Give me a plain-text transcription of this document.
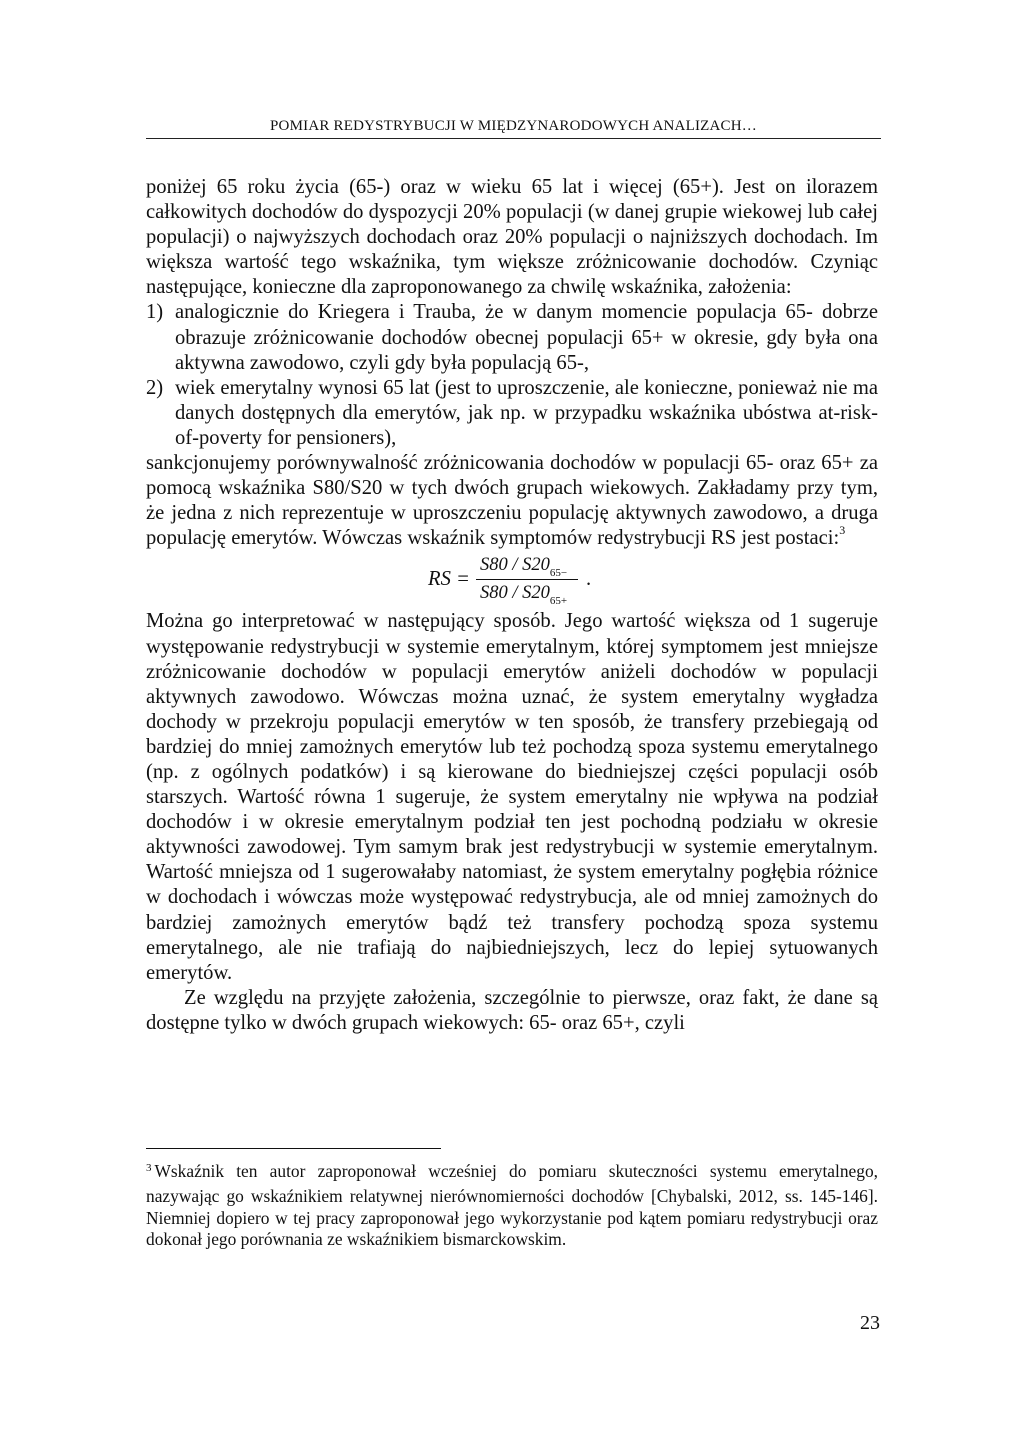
POMIAR REDYSTRYBUCJI W MIĘDZYNARODOWYCH ANALIZACH…

poniżej 65 roku życia (65-) oraz w wieku 65 lat i więcej (65+). Jest on ilorazem całkowitych dochodów do dyspozycji 20% populacji (w danej grupie wiekowej lub całej populacji) o najwyższych dochodach oraz 20% populacji o najniższych dochodach. Im większa wartość tego wskaźnika, tym większe zróżnicowanie dochodów. Czyniąc następujące, konieczne dla zaproponowanego za chwilę wskaźnika, założenia:

1) analogicznie do Kriegera i Trauba, że w danym momencie populacja 65- dobrze obrazuje zróżnicowanie dochodów obecnej populacji 65+ w okresie, gdy była ona aktywna zawodowo, czyli gdy była populacją 65-,
2) wiek emerytalny wynosi 65 lat (jest to uproszczenie, ale konieczne, ponieważ nie ma danych dostępnych dla emerytów, jak np. w przypadku wskaźnika ubóstwa at-risk-of-poverty for pensioners),

sankcjonujemy porównywalność zróżnicowania dochodów w populacji 65- oraz 65+ za pomocą wskaźnika S80/S20 w tych dwóch grupach wiekowych. Zakładamy przy tym, że jedna z nich reprezentuje w uproszczeniu populację aktywnych zawodowo, a druga populację emerytów. Wówczas wskaźnik symptomów redystrybucji RS jest postaci:$^3$

RS =
$S80 / S20_{65-}$
$S80 / S20_{65+}$
.

Można go interpretować w następujący sposób. Jego wartość większa od 1 sugeruje występowanie redystrybucji w systemie emerytalnym, której symptomem jest mniejsze zróżnicowanie dochodów w populacji emerytów aniżeli dochodów w populacji aktywnych zawodowo. Wówczas można uznać, że system emerytalny wygładza dochody w przekroju populacji emerytów w ten sposób, że transfery przebiegają od bardziej do mniej zamożnych emerytów lub też pochodzą spoza systemu emerytalnego (np. z ogólnych podatków) i są kierowane do biedniejszej części populacji osób starszych. Wartość równa 1 sugeruje, że system emerytalny nie wpływa na podział dochodów i w okresie emerytalnym podział ten jest pochodną podziału w okresie aktywności zawodowej. Tym samym brak jest redystrybucji w systemie emerytalnym. Wartość mniejsza od 1 sugerowałaby natomiast, że system emerytalny pogłębia różnice w dochodach i wówczas może występować redystrybucja, ale od mniej zamożnych do bardziej zamożnych emerytów bądź też transfery pochodzą spoza systemu emerytalnego, ale nie trafiają do najbiedniejszych, lecz do lepiej sytuowanych emerytów.

Ze względu na przyjęte założenia, szczególnie to pierwsze, oraz fakt, że dane są dostępne tylko w dwóch grupach wiekowych: 65- oraz 65+, czyli

$^3$ Wskaźnik ten autor zaproponował wcześniej do pomiaru skuteczności systemu emerytalnego, nazywając go wskaźnikiem relatywnej nierównomierności dochodów [Chybalski, 2012, ss. 145-146]. Niemniej dopiero w tej pracy zaproponował jego wykorzystanie pod kątem pomiaru redystrybucji oraz dokonał jego porównania ze wskaźnikiem bismarckowskim.
23
